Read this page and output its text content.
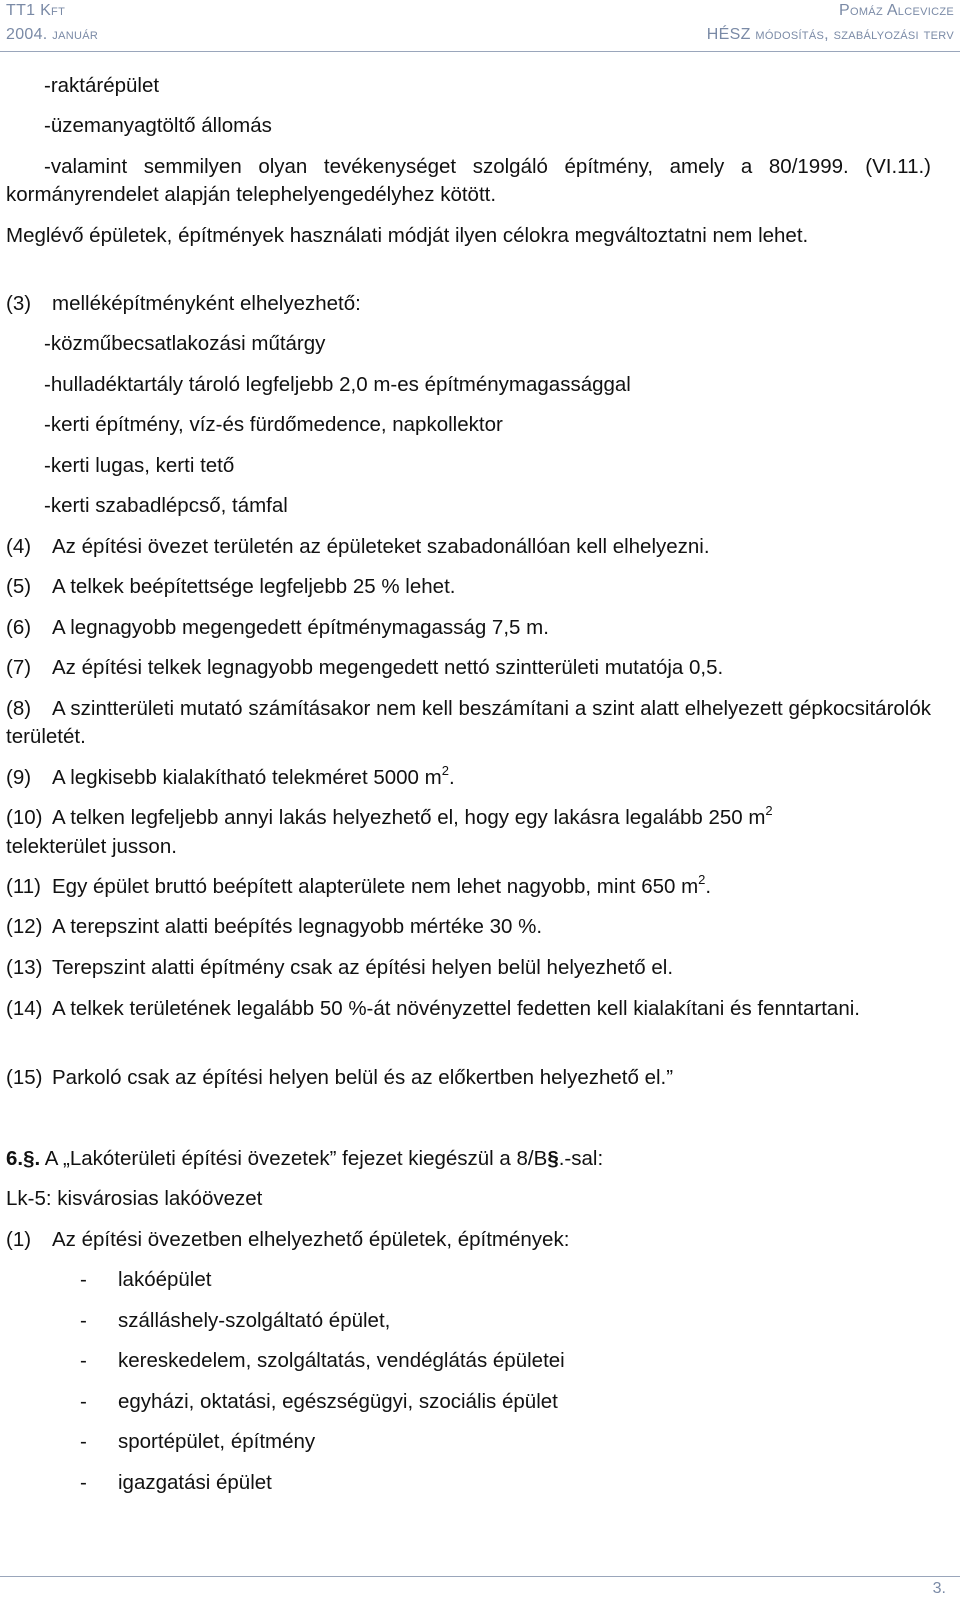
TT1 Kft
2004. január
Pomáz Alcevicze
HÉSZ módosítás, szabályozási terv
-raktárépület
-üzemanyagtöltő állomás
-valamint semmilyen olyan tevékenységet szolgáló építmény, amely a 80/1999. (VI.11.) kormányrendelet alapján telephelyengedélyhez kötött.
Meglévő épületek, építmények használati módját ilyen célokra megváltoztatni nem lehet.
(3) melléképítményként elhelyezhető:
-közműbecsatlakozási műtárgy
-hulladéktartály tároló legfeljebb 2,0 m-es építménymagassággal
-kerti építmény, víz-és fürdőmedence, napkollektor
-kerti lugas, kerti tető
-kerti szabadlépcső, támfal
(4) Az építési övezet területén az épületeket szabadonállóan kell elhelyezni.
(5) A telkek beépítettsége legfeljebb 25 % lehet.
(6) A legnagyobb megengedett építménymagasság 7,5 m.
(7) Az építési telkek legnagyobb megengedett nettó szintterületi mutatója 0,5.
(8) A szintterületi mutató számításakor nem kell beszámítani a szint alatt elhelyezett gépkocsitárolók területét.
(9) A legkisebb kialakítható telekméret 5000 $m^2$.
(10) A telken legfeljebb annyi lakás helyezhető el, hogy egy lakásra legalább 250 $m^2$
telekterület jusson.
(11) Egy épület bruttó beépített alapterülete nem lehet nagyobb, mint 650 $m^2$.
(12) A terepszint alatti beépítés legnagyobb mértéke 30 %.
(13) Terepszint alatti építmény csak az építési helyen belül helyezhető el.
(14) A telkek területének legalább 50 %-át növényzettel fedetten kell kialakítani és fenntartani.
(15) Parkoló csak az építési helyen belül és az előkertben helyezhető el.”
6.§. A „Lakóterületi építési övezetek” fejezet kiegészül a 8/B§.-sal:
Lk-5: kisvárosias lakóövezet
(1) Az építési övezetben elhelyezhető épületek, építmények:
- lakóépület
- szálláshely-szolgáltató épület,
- kereskedelem, szolgáltatás, vendéglátás épületei
- egyházi, oktatási, egészségügyi, szociális épület
- sportépület, építmény
- igazgatási épület
3.
